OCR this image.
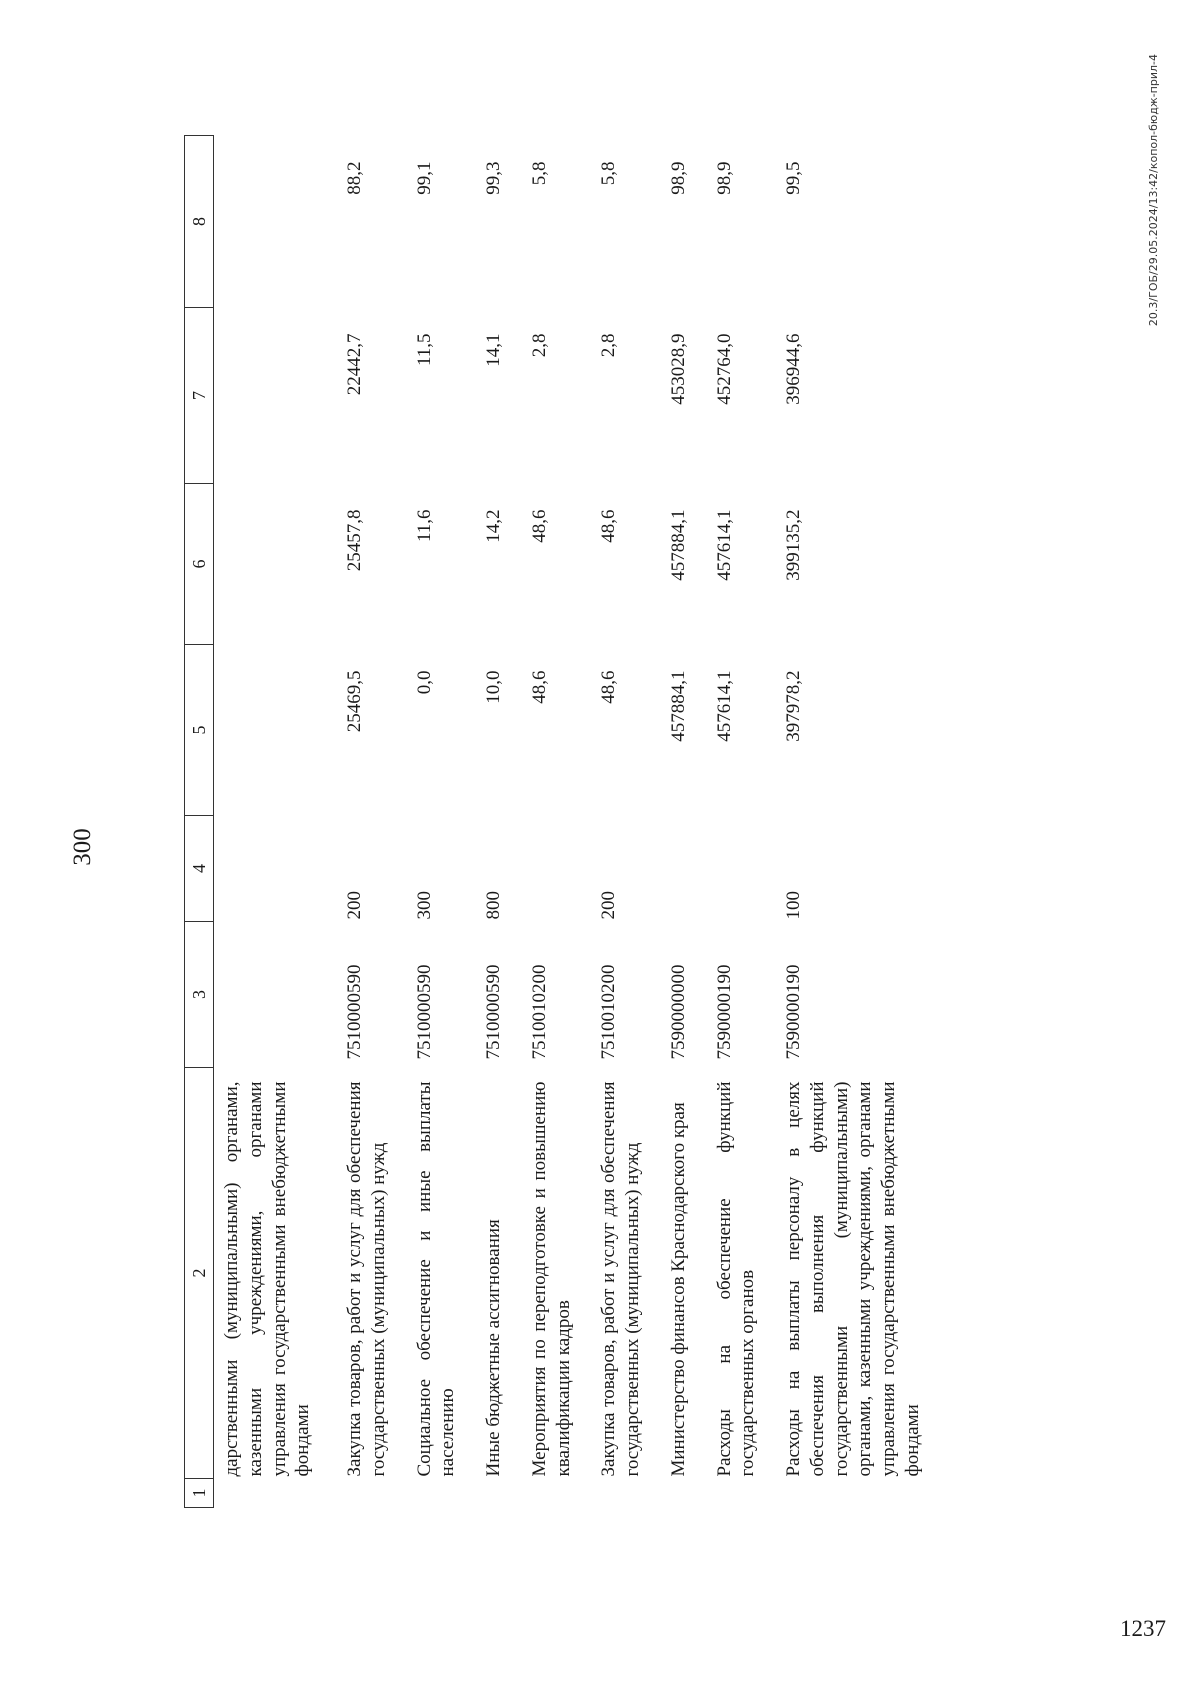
300

1	2	3	4	5	6	7	8
	дарственными (муниципальными) органами, казенными учреждениями, органами управления государственными внебюджетными фондами						
	Закупка товаров, работ и услуг для обеспечения государственных (муниципальных) нужд	7510000590	200	25469,5	25457,8	22442,7	88,2
	Социальное обеспечение и иные выплаты населению	7510000590	300	0,0	11,6	11,5	99,1
	Иные бюджетные ассигнования	7510000590	800	10,0	14,2	14,1	99,3
	Мероприятия по переподготовке и повышению квалификации кадров	7510010200		48,6	48,6	2,8	5,8
	Закупка товаров, работ и услуг для обеспечения государственных (муниципальных) нужд	7510010200	200	48,6	48,6	2,8	5,8
	Министерство финансов Краснодарского края	7590000000		457884,1	457884,1	453028,9	98,9
	Расходы на обеспечение функций государственных органов	7590000190		457614,1	457614,1	452764,0	98,9
	Расходы на выплаты персоналу в целях обеспечения выполнения функций государственными (муниципальными) органами, казенными учреждениями, органами управления государственными внебюджетными фондами	7590000190	100	397978,2	399135,2	396944,6	99,5	20.3/ГОБ/29.05.2024/13:42/копол-бюдж-прил-4

1237
